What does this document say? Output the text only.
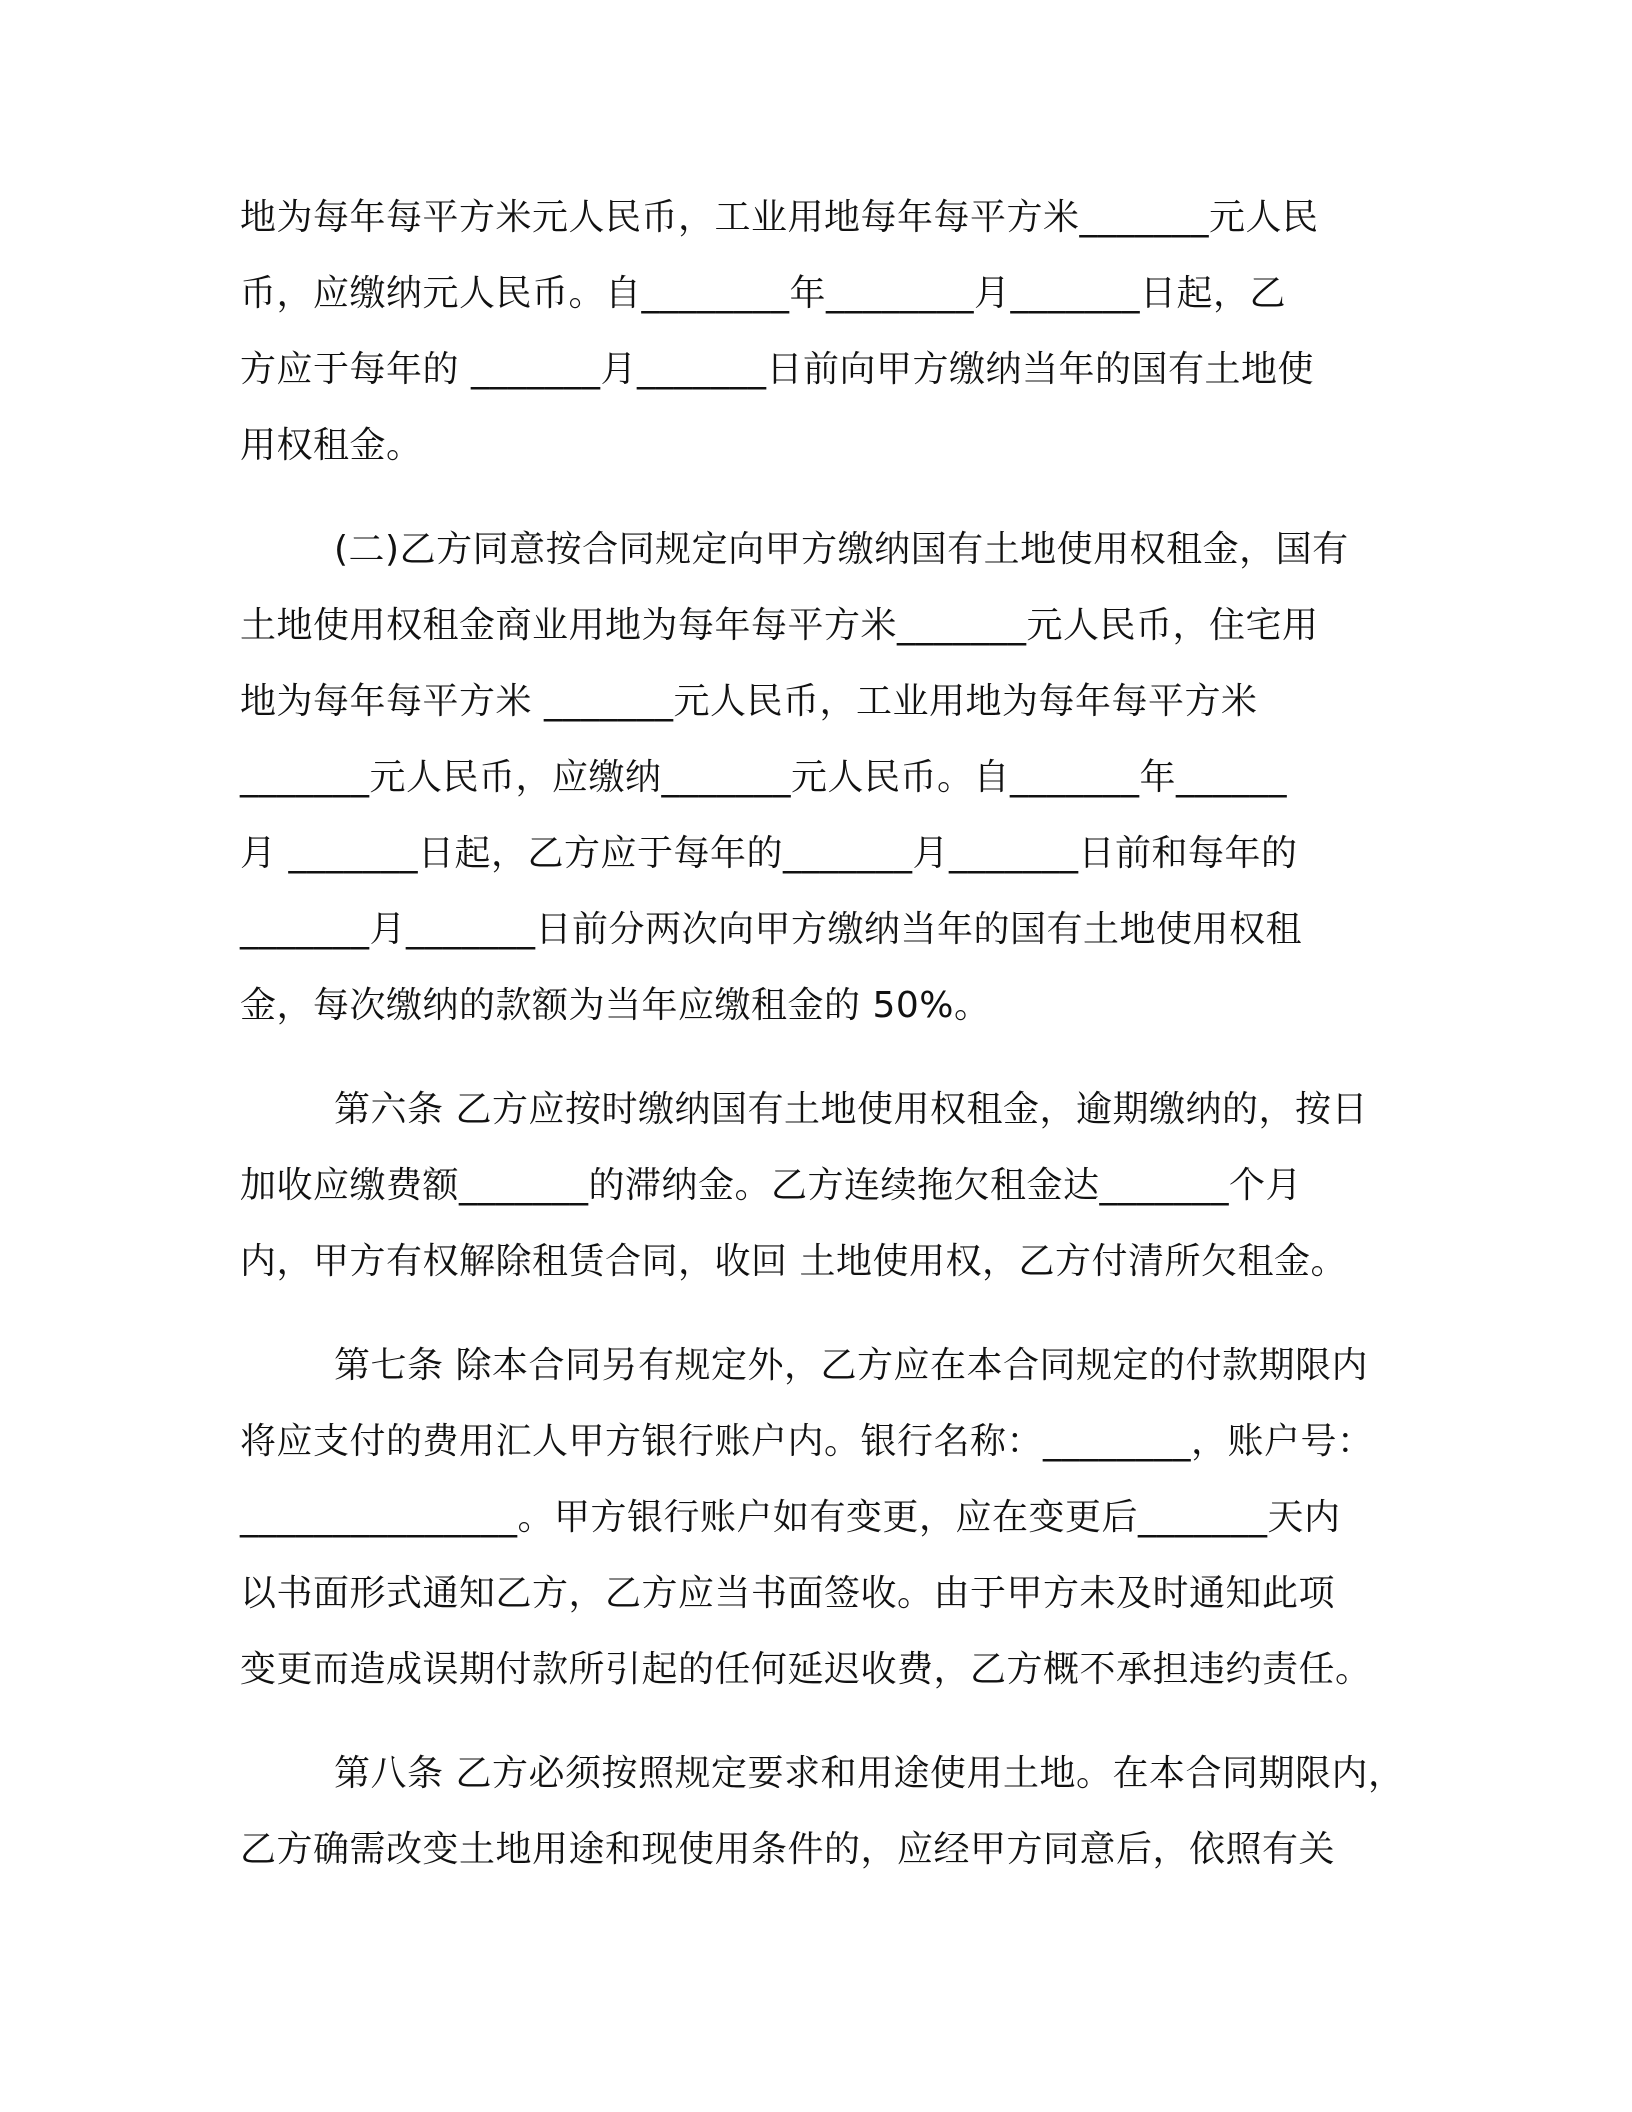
地为每年每平方米元人民币，工业用地每年每平方米_______元人民
币，应缴纳元人民币。自________年________月_______日起，乙
方应于每年的 _______月_______日前向甲方缴纳当年的国有土地使
用权租金。
(二)乙方同意按合同规定向甲方缴纳国有土地使用权租金，国有
土地使用权租金商业用地为每年每平方米_______元人民币，住宅用
地为每年每平方米 _______元人民币，工业用地为每年每平方米
_______元人民币，应缴纳_______元人民币。自_______年______
月 _______日起，乙方应于每年的_______月_______日前和每年的
_______月_______日前分两次向甲方缴纳当年的国有土地使用权租
金，每次缴纳的款额为当年应缴租金的 50%。
第六条 乙方应按时缴纳国有土地使用权租金，逾期缴纳的，按日
加收应缴费额_______的滞纳金。乙方连续拖欠租金达_______个月
内，甲方有权解除租赁合同，收回 土地使用权，乙方付清所欠租金。
第七条 除本合同另有规定外，乙方应在本合同规定的付款期限内
将应支付的费用汇人甲方银行账户内。银行名称：________，账户号：
_______________。甲方银行账户如有变更，应在变更后_______天内
以书面形式通知乙方，乙方应当书面签收。由于甲方未及时通知此项
变更而造成误期付款所引起的任何延迟收费，乙方概不承担违约责任。
第八条 乙方必须按照规定要求和用途使用土地。在本合同期限内，
乙方确需改变土地用途和现使用条件的，应经甲方同意后，依照有关
